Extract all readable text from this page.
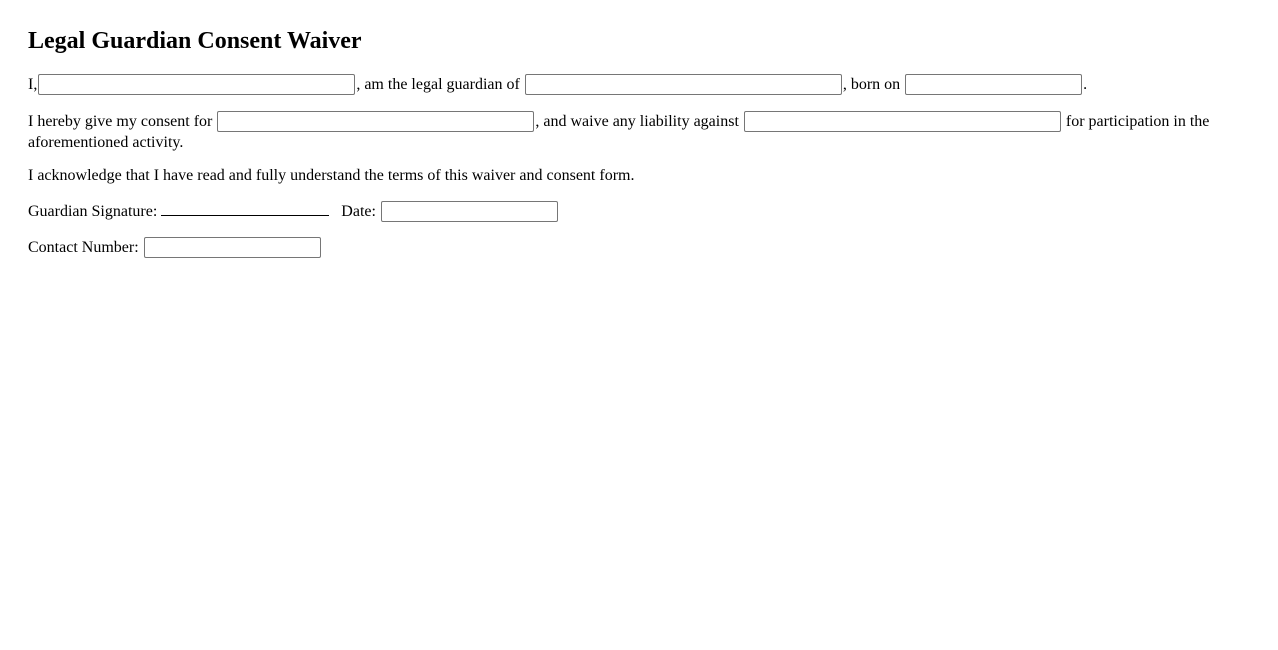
Legal Guardian Consent Waiver
I,	, am the legal guardian of	, born on	.
I hereby give my consent for	, and waive any liability against	for participation in the aforementioned activity.
I acknowledge that I have read and fully understand the terms of this waiver and consent form.
Guardian Signature:	Date:
Contact Number:
